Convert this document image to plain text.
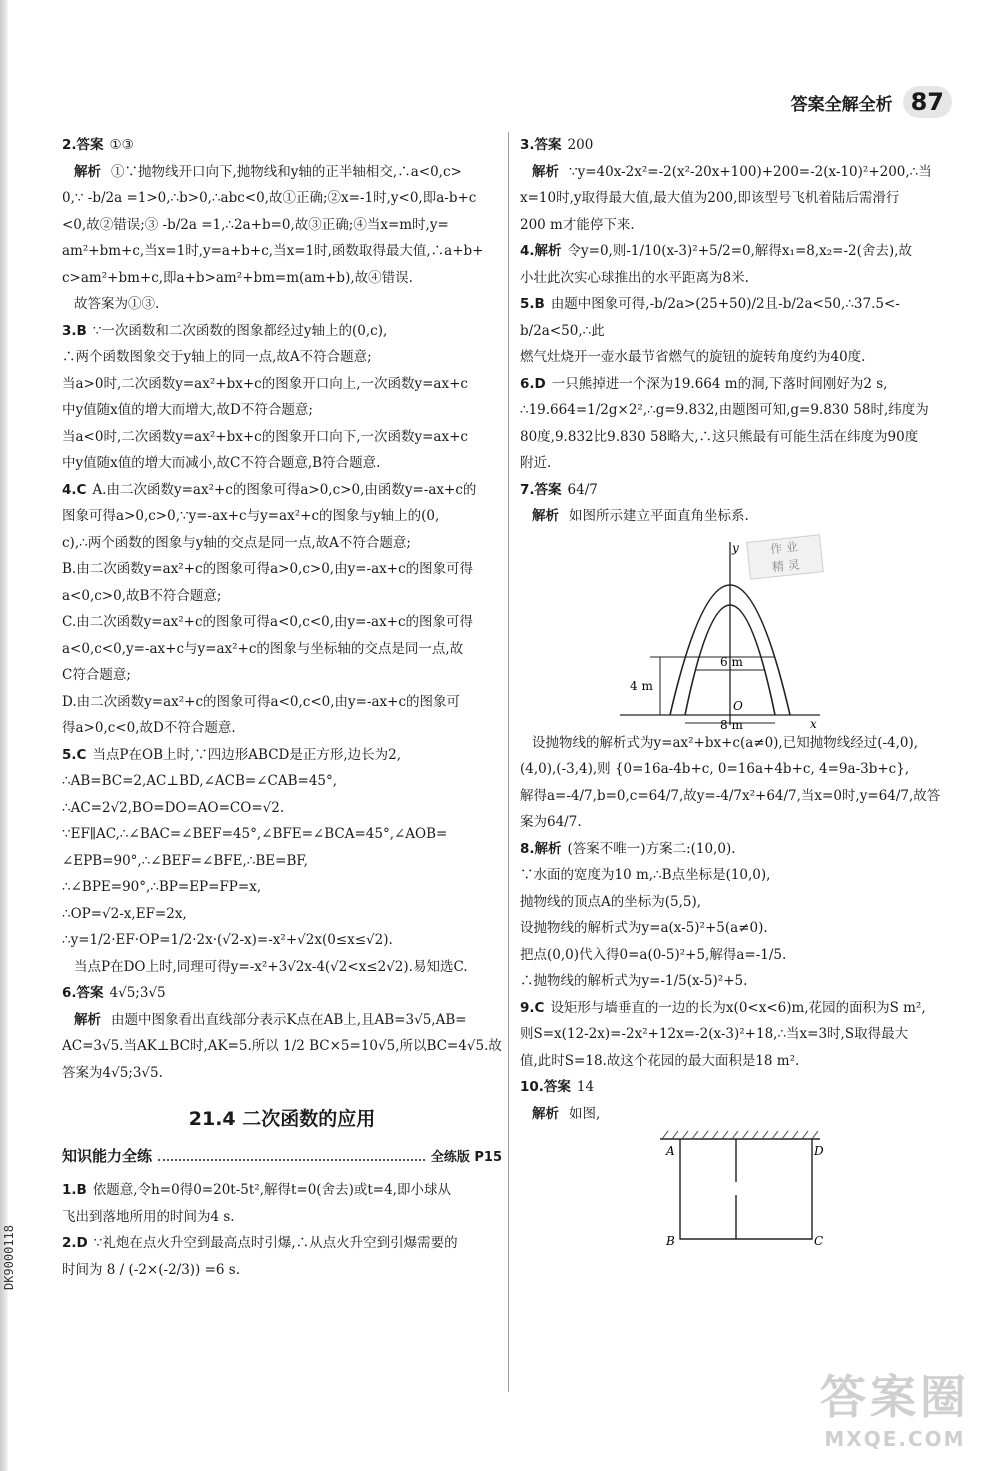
答案全解全析 87

2.答案 ①③

解析 ①∵抛物线开口向下,抛物线和y轴的正半轴相交,∴a<0,c>

0,∵ -b/2a =1>0,∴b>0,∴abc<0,故①正确;②x=-1时,y<0,即a-b+c

<0,故②错误;③ -b/2a =1,∴2a+b=0,故③正确;④当x=m时,y=

am²+bm+c,当x=1时,y=a+b+c,当x=1时,函数取得最大值,∴a+b+

c>am²+bm+c,即a+b>am²+bm=m(am+b),故④错误.

故答案为①③.

3.B ∵一次函数和二次函数的图象都经过y轴上的(0,c),

∴两个函数图象交于y轴上的同一点,故A不符合题意;

当a>0时,二次函数y=ax²+bx+c的图象开口向上,一次函数y=ax+c

中y值随x值的增大而增大,故D不符合题意;

当a<0时,二次函数y=ax²+bx+c的图象开口向下,一次函数y=ax+c

中y值随x值的增大而减小,故C不符合题意,B符合题意.

4.C A.由二次函数y=ax²+c的图象可得a>0,c>0,由函数y=-ax+c的

图象可得a>0,c>0,∵y=-ax+c与y=ax²+c的图象与y轴上的(0,

c),∴两个函数的图象与y轴的交点是同一点,故A不符合题意;

B.由二次函数y=ax²+c的图象可得a>0,c>0,由y=-ax+c的图象可得

a<0,c>0,故B不符合题意;

C.由二次函数y=ax²+c的图象可得a<0,c<0,由y=-ax+c的图象可得

a<0,c<0,y=-ax+c与y=ax²+c的图象与坐标轴的交点是同一点,故

C符合题意;

D.由二次函数y=ax²+c的图象可得a<0,c<0,由y=-ax+c的图象可

得a>0,c<0,故D不符合题意.

5.C 当点P在OB上时,∵四边形ABCD是正方形,边长为2,

∴AB=BC=2,AC⊥BD,∠ACB=∠CAB=45°,

∴AC=2√2,BO=DO=AO=CO=√2.

∵EF∥AC,∴∠BAC=∠BEF=45°,∠BFE=∠BCA=45°,∠AOB=

∠EPB=90°,∴∠BEF=∠BFE,∴BE=BF,

∴∠BPE=90°,∴BP=EP=FP=x,

∴OP=√2-x,EF=2x,

∴y=1/2·EF·OP=1/2·2x·(√2-x)=-x²+√2x(0≤x≤√2).

当点P在DO上时,同理可得y=-x²+3√2x-4(√2<x≤2√2).易知选C.

6.答案 4√5;3√5

解析 由题中图象看出直线部分表示K点在AB上,且AB=3√5,AB=

AC=3√5.当AK⊥BC时,AK=5.所以 1/2 BC×5=10√5,所以BC=4√5.故

答案为4√5;3√5.

21.4 二次函数的应用
知识能力全练	全练版 P15

1.B 依题意,令h=0得0=20t-5t²,解得t=0(舍去)或t=4,即小球从

飞出到落地所用的时间为4 s.

2.D ∵礼炮在点火升空到最高点时引爆,∴从点火升空到引爆需要的

时间为 8 / (-2×(-2/3)) =6 s.

3.答案 200

解析 ∵y=40x-2x²=-2(x²-20x+100)+200=-2(x-10)²+200,∴当

x=10时,y取得最大值,最大值为200,即该型号飞机着陆后需滑行

200 m才能停下来.

4.解析 令y=0,则-1/10(x-3)²+5/2=0,解得x₁=8,x₂=-2(舍去),故

小壮此次实心球推出的水平距离为8米.

5.B 由题中图象可得,-b/2a>(25+50)/2且-b/2a<50,∴37.5<-b/2a<50,∴此

燃气灶烧开一壶水最节省燃气的旋钮的旋转角度约为40度.

6.D 一只熊掉进一个深为19.664 m的洞,下落时间刚好为2 s,

∴19.664=1/2g×2²,∴g=9.832,由题图可知,g=9.830 58时,纬度为

80度,9.832比9.830 58略大,∴这只熊最有可能生活在纬度为90度

附近.

7.答案 64/7

解析 如图所示建立平面直角坐标系.

y
x
O
6 m
8 m
4 m

设抛物线的解析式为y=ax²+bx+c(a≠0),已知抛物线经过(-4,0),

(4,0),(-3,4),则 {0=16a-4b+c, 0=16a+4b+c, 4=9a-3b+c},

解得a=-4/7,b=0,c=64/7,故y=-4/7x²+64/7,当x=0时,y=64/7,故答

案为64/7.

8.解析 (答案不唯一)方案二:(10,0).

∵水面的宽度为10 m,∴B点坐标是(10,0),

抛物线的顶点A的坐标为(5,5),

设抛物线的解析式为y=a(x-5)²+5(a≠0).

把点(0,0)代入得0=a(0-5)²+5,解得a=-1/5.

∴抛物线的解析式为y=-1/5(x-5)²+5.

9.C 设矩形与墙垂直的一边的长为x(0<x<6)m,花园的面积为S m²,

则S=x(12-2x)=-2x²+12x=-2(x-3)²+18,∴当x=3时,S取得最大

值,此时S=18.故这个花园的最大面积是18 m².

10.答案 14

解析 如图,

A
B	C
D
作 业
精 灵
答案圈
MXQE.COM
DK9000118
